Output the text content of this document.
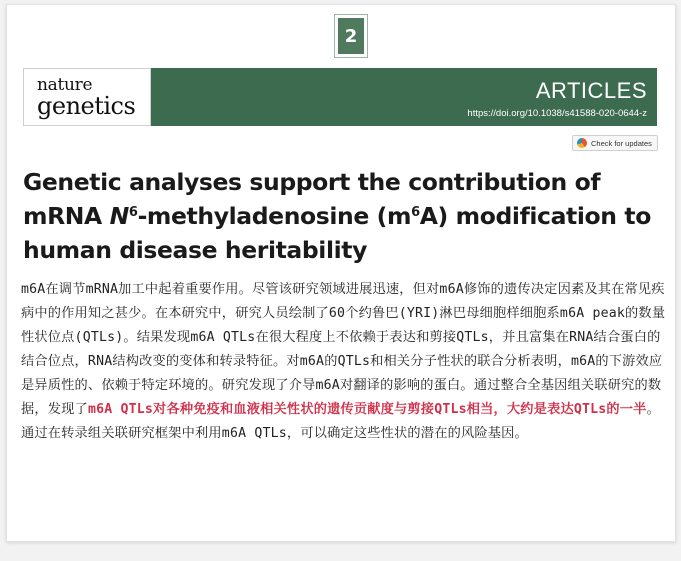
2
nature
genetics
ARTICLES
https://doi.org/10.1038/s41588-020-0644-z
Check for updates
Genetic analyses support the contribution of
mRNA $N^6$-methyladenosine $(m^6A)$ modification to
human disease heritability
m6A在调节mRNA加工中起着重要作用。尽管该研究领域进展迅速，但对m6A修饰的遗传决定因素及其在常见疾病中的作用知之甚少。在本研究中，研究人员绘制了60个约鲁巴(YRI)淋巴母细胞样细胞系m6A peak的数量性状位点(QTLs)。结果发现m6A QTLs在很大程度上不依赖于表达和剪接QTLs，并且富集在RNA结合蛋白的结合位点，RNA结构改变的变体和转录特征。对m6A的QTLs和相关分子性状的联合分析表明，m6A的下游效应是异质性的、依赖于特定环境的。研究发现了介导m6A对翻译的影响的蛋白。通过整合全基因组关联研究的数据，发现了m6A QTLs对各种免疫和血液相关性状的遗传贡献度与剪接QTLs相当，大约是表达QTLs的一半。通过在转录组关联研究框架中利用m6A QTLs，可以确定这些性状的潜在的风险基因。
